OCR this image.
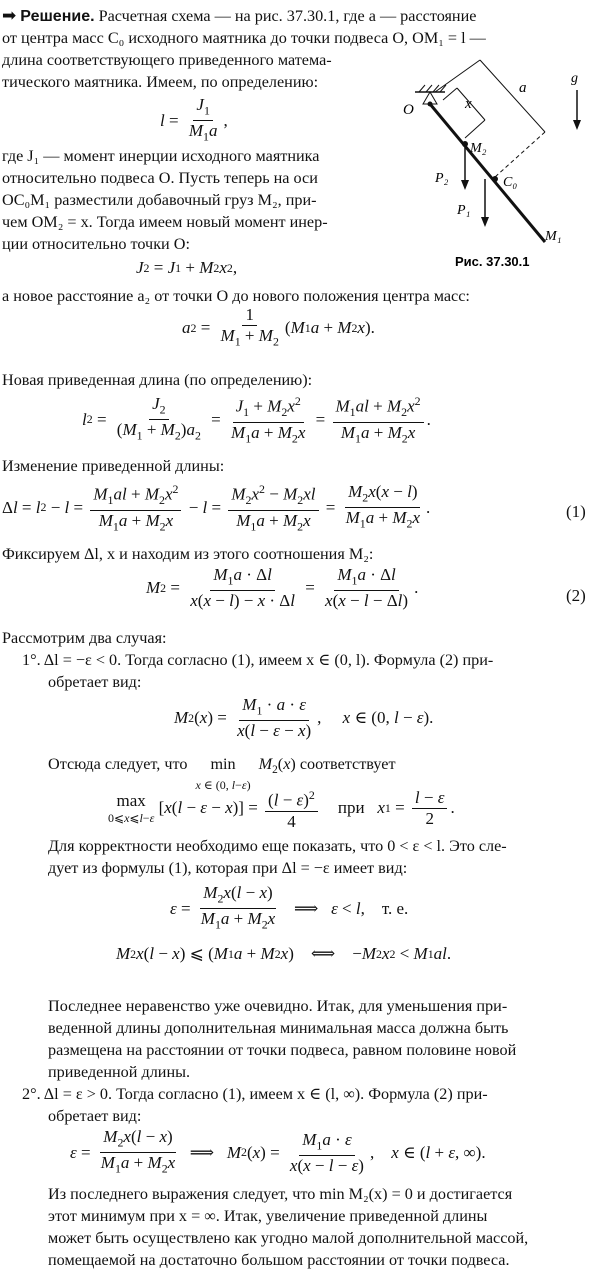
➡ Решение. Расчетная схема — на рис. 37.30.1, где a — расстояние
от центра масс C₀ исходного маятника до точки подвеса O, OM₁ = l —
длина соответствующего приведенного матема-
тического маятника. Имеем, по определению:
$l = \frac{J_1}{M_1a}$ ,
O	x
a
g
M₂
C₀
P₂
P₁
M₁
Рис. 37.30.1
где J₁ — момент инерции исходного маятника
относительно подвеса O. Пусть теперь на оси
OC₀M₁ разместили добавочный груз M₂, при-
чем OM₂ = x. Тогда имеем новый момент инер-
ции относительно точки O:
J 2 = J 1 + M 2 x 2 ,
а новое расстояние a₂ от точки O до нового положения центра масс:
a $2 = \frac{1}{M_1 + M_2}$ ( M 1 a + M 2 x ).
Новая приведенная длина (по определению):
l $2 = \frac{J_2}{(M_1 + M_2)a_2} = \frac{J_1 + M_2x^2}{M_1a + M_2x} = \frac{M_1al + M_2x^2}{M_1a + M_2x}$ .
Изменение приведенной длины:
Δ l = l $2 - l = \frac{M_1al + M_2x^2}{M_1a + M_2x} - l = \frac{M_2x^2 - M_2xl}{M_1a + M_2x} = \frac{M_2x(x - l)}{M_1a + M_2x}$ .	(1)
Фиксируем Δl, x и находим из этого соотношения M₂:
M $2 = \frac{M_1a \cdot \Delta l}{x(x - l) - x \cdot \Delta l} = \frac{M_1a \cdot \Delta l}{x(x - l - \Delta l)}$ .	(2)
Рассмотрим два случая:
1°. Δl = −ε < 0. Тогда согласно (1), имеем x ∈ (0, l). Формула (2) при-
обретает вид:
M 2 ( x ) = $\frac{M_1 \cdot a \cdot \varepsilon}{x(l - \varepsilon - x)}$ , x ∈ (0, l − ε ).
Отсюда следует, что min
x ∈ (0, l−ε) $M_2(x)$ соответствует
max
0⩽x⩽l−ε
[ x ( l − ε − x )] = $\frac{(l - \varepsilon)^2}{4}$ при x $1 = \frac{l - \varepsilon}{2}$ .
Для корректности необходимо еще показать, что 0 < ε < l. Это сле-
дует из формулы (1), которая при Δl = −ε имеет вид:
$\varepsilon = \frac{M_2x(l - x)}{M_1a + M_2x}$ ⟹ ε < l ,    т. е.
M 2 x ( l − x ) ⩽ ( M 1 a + M 2 x )    ⟺    − M 2 x 2 < M 1 al .
Последнее неравенство уже очевидно. Итак, для уменьшения при-
веденной длины дополнительная минимальная масса должна быть
размещена на расстоянии от точки подвеса, равном половине новой
приведенной длины.
2°. Δl = ε > 0. Тогда согласно (1), имеем x ∈ (l, ∞). Формула (2) при-
обретает вид:
$\varepsilon = \frac{M_2x(l - x)}{M_1a + M_2x}$ ⟹ M 2 ( x ) = $\frac{M_1a \cdot \varepsilon}{x(x - l - \varepsilon)}$ , x ∈ ( l + ε , ∞).
Из последнего выражения следует, что min M₂(x) = 0 и достигается
этот минимум при x = ∞. Итак, увеличение приведенной длины
может быть осуществлено как угодно малой дополнительной массой,
помещаемой на достаточно большом расстоянии от точки подвеса.
